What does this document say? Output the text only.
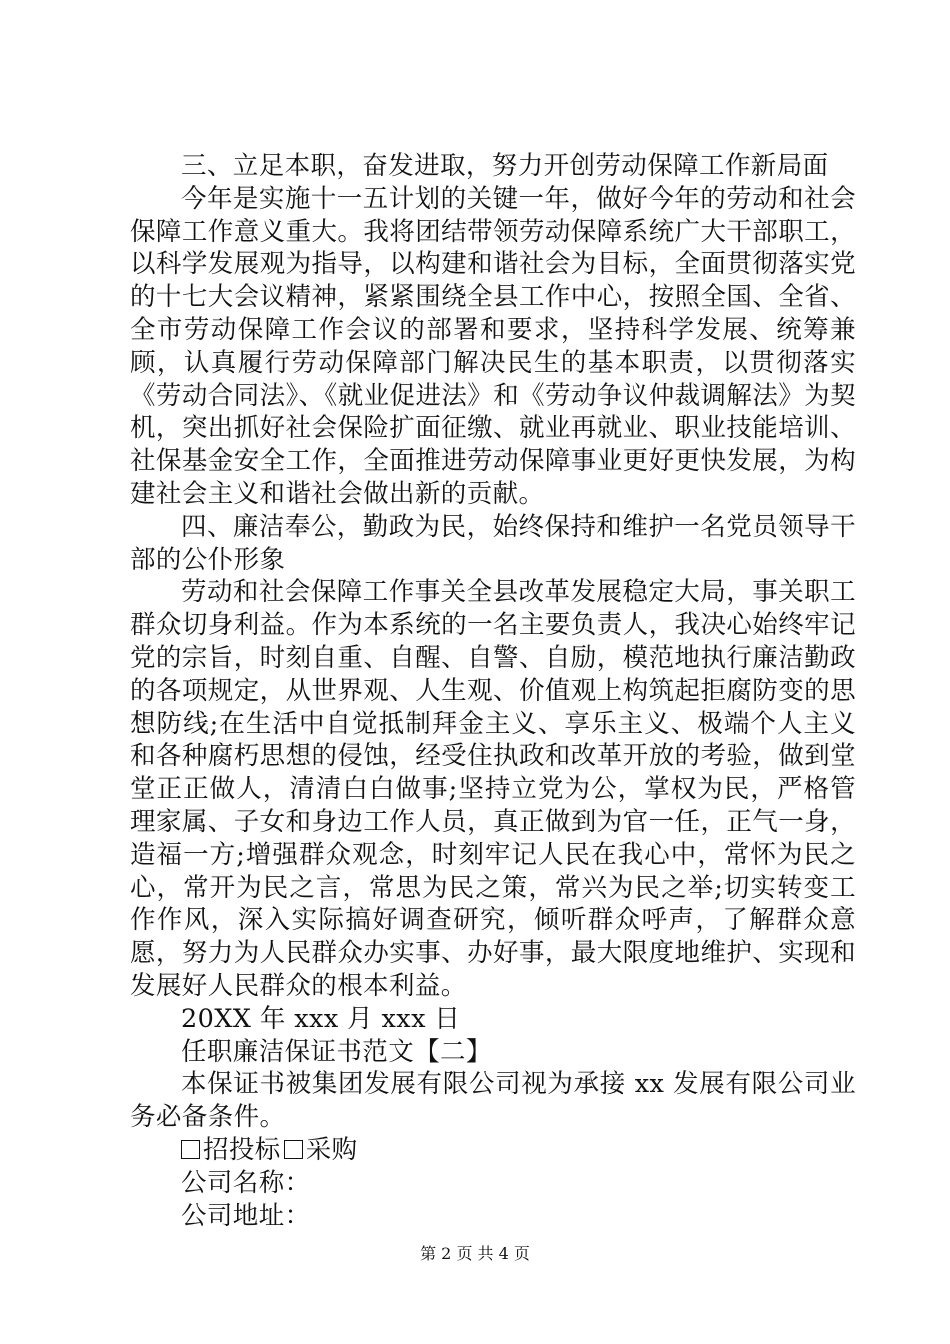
三、立足本职，奋发进取，努力开创劳动保障工作新局面

今年是实施十一五计划的关键一年，做好今年的劳动和社会保障工作意义重大。我将团结带领劳动保障系统广大干部职工，以科学发展观为指导，以构建和谐社会为目标，全面贯彻落实党的十七大会议精神，紧紧围绕全县工作中心，按照全国、全省、全市劳动保障工作会议的部署和要求，坚持科学发展、统筹兼顾，认真履行劳动保障部门解决民生的基本职责，以贯彻落实《劳动合同法》、《就业促进法》和《劳动争议仲裁调解法》为契机，突出抓好社会保险扩面征缴、就业再就业、职业技能培训、社保基金安全工作，全面推进劳动保障事业更好更快发展，为构建社会主义和谐社会做出新的贡献。

四、廉洁奉公，勤政为民，始终保持和维护一名党员领导干部的公仆形象

劳动和社会保障工作事关全县改革发展稳定大局，事关职工群众切身利益。作为本系统的一名主要负责人，我决心始终牢记党的宗旨，时刻自重、自醒、自警、自励，模范地执行廉洁勤政的各项规定，从世界观、人生观、价值观上构筑起拒腐防变的思想防线;在生活中自觉抵制拜金主义、享乐主义、极端个人主义和各种腐朽思想的侵蚀，经受住执政和改革开放的考验，做到堂堂正正做人，清清白白做事;坚持立党为公，掌权为民，严格管理家属、子女和身边工作人员，真正做到为官一任，正气一身，造福一方;增强群众观念，时刻牢记人民在我心中，常怀为民之心，常开为民之言，常思为民之策，常兴为民之举;切实转变工作作风，深入实际搞好调查研究，倾听群众呼声，了解群众意愿，努力为人民群众办实事、办好事，最大限度地维护、实现和发展好人民群众的根本利益。

20XX 年 xxx 月 xxx 日

任职廉洁保证书范文【二】

本保证书被集团发展有限公司视为承接 xx 发展有限公司业务必备条件。

招投标 采购

公司名称：

公司地址：

第 2 页 共 4 页
